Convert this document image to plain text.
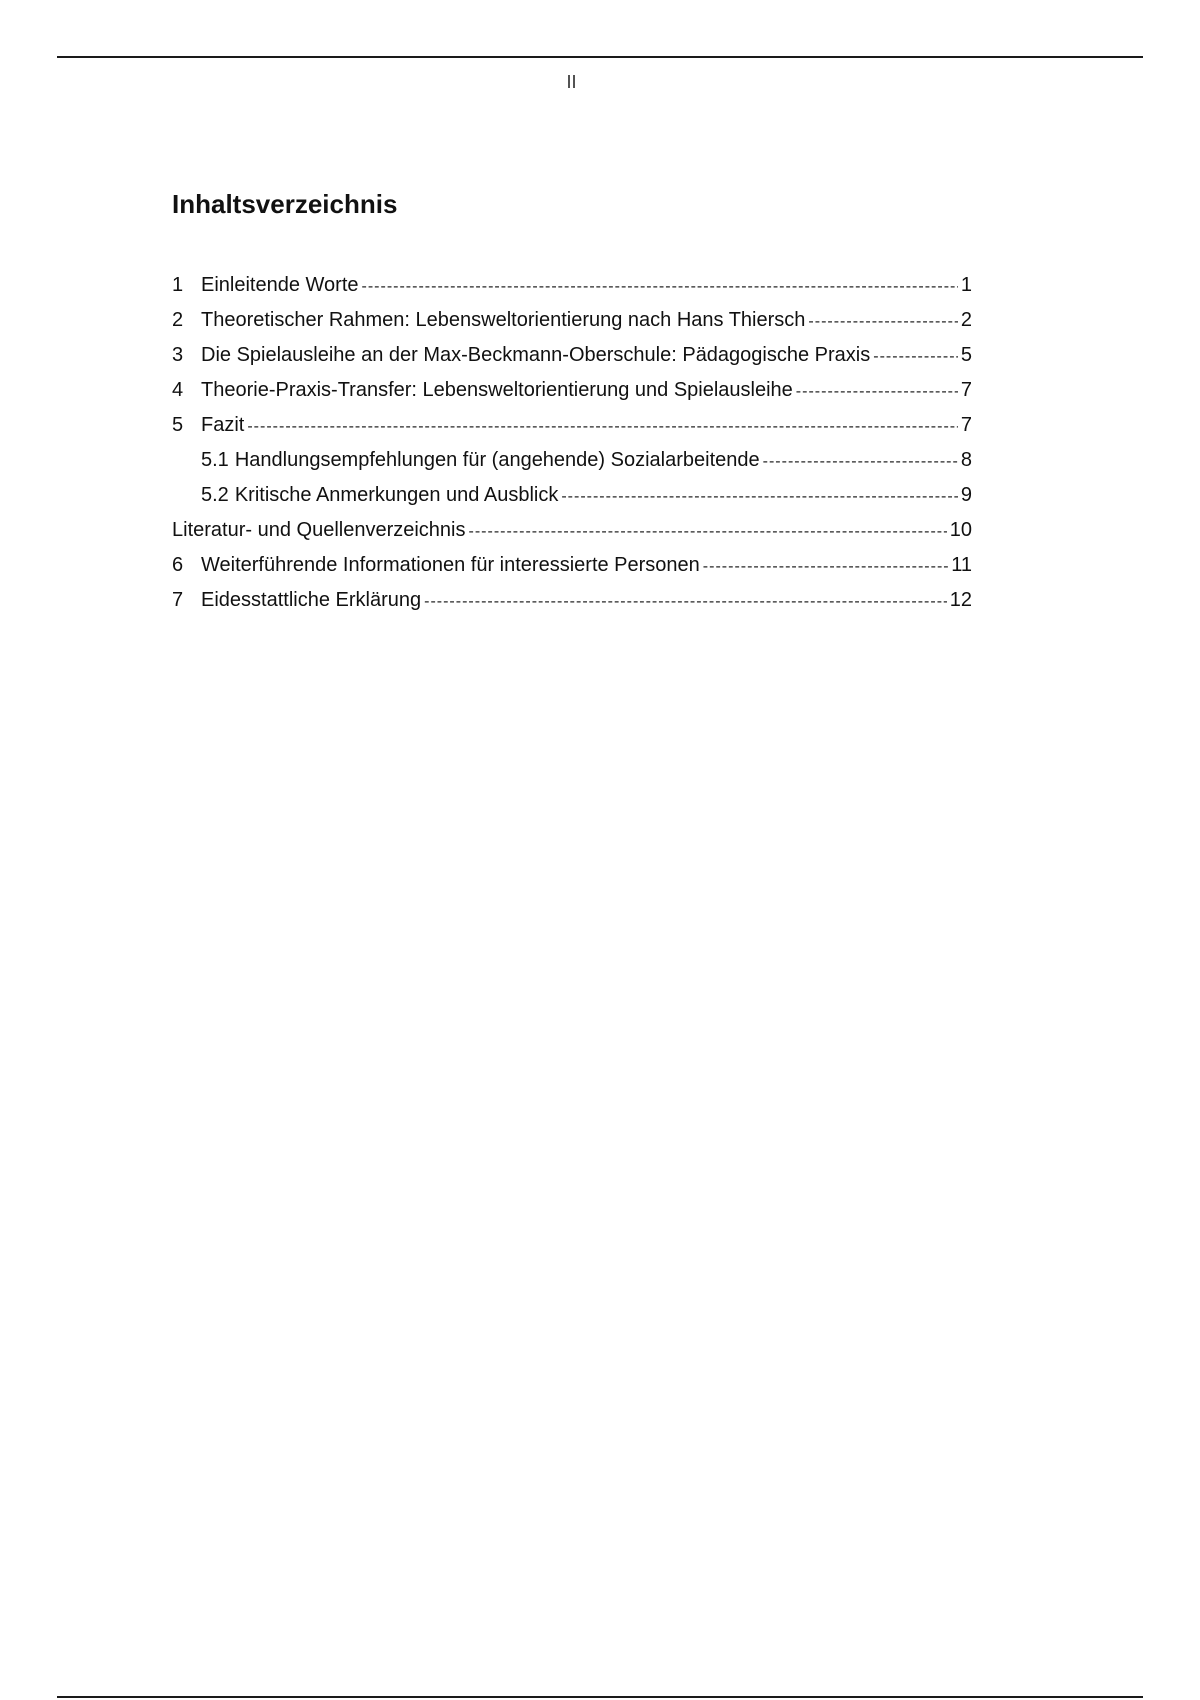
II
Inhaltsverzeichnis
1 Einleitende Worte -----	1
2 Theoretischer Rahmen: Lebensweltorientierung nach Hans Thiersch -----	2
3 Die Spielausleihe an der Max-Beckmann-Oberschule: Pädagogische Praxis -----	5
4 Theorie-Praxis-Transfer: Lebensweltorientierung und Spielausleihe -----	7
5 Fazit -----	7
5.1 Handlungsempfehlungen für (angehende) Sozialarbeitende -----	8
5.2 Kritische Anmerkungen und Ausblick -----	9
Literatur- und Quellenverzeichnis -----	10
6 Weiterführende Informationen für interessierte Personen -----	11
7 Eidesstattliche Erklärung -----	12
